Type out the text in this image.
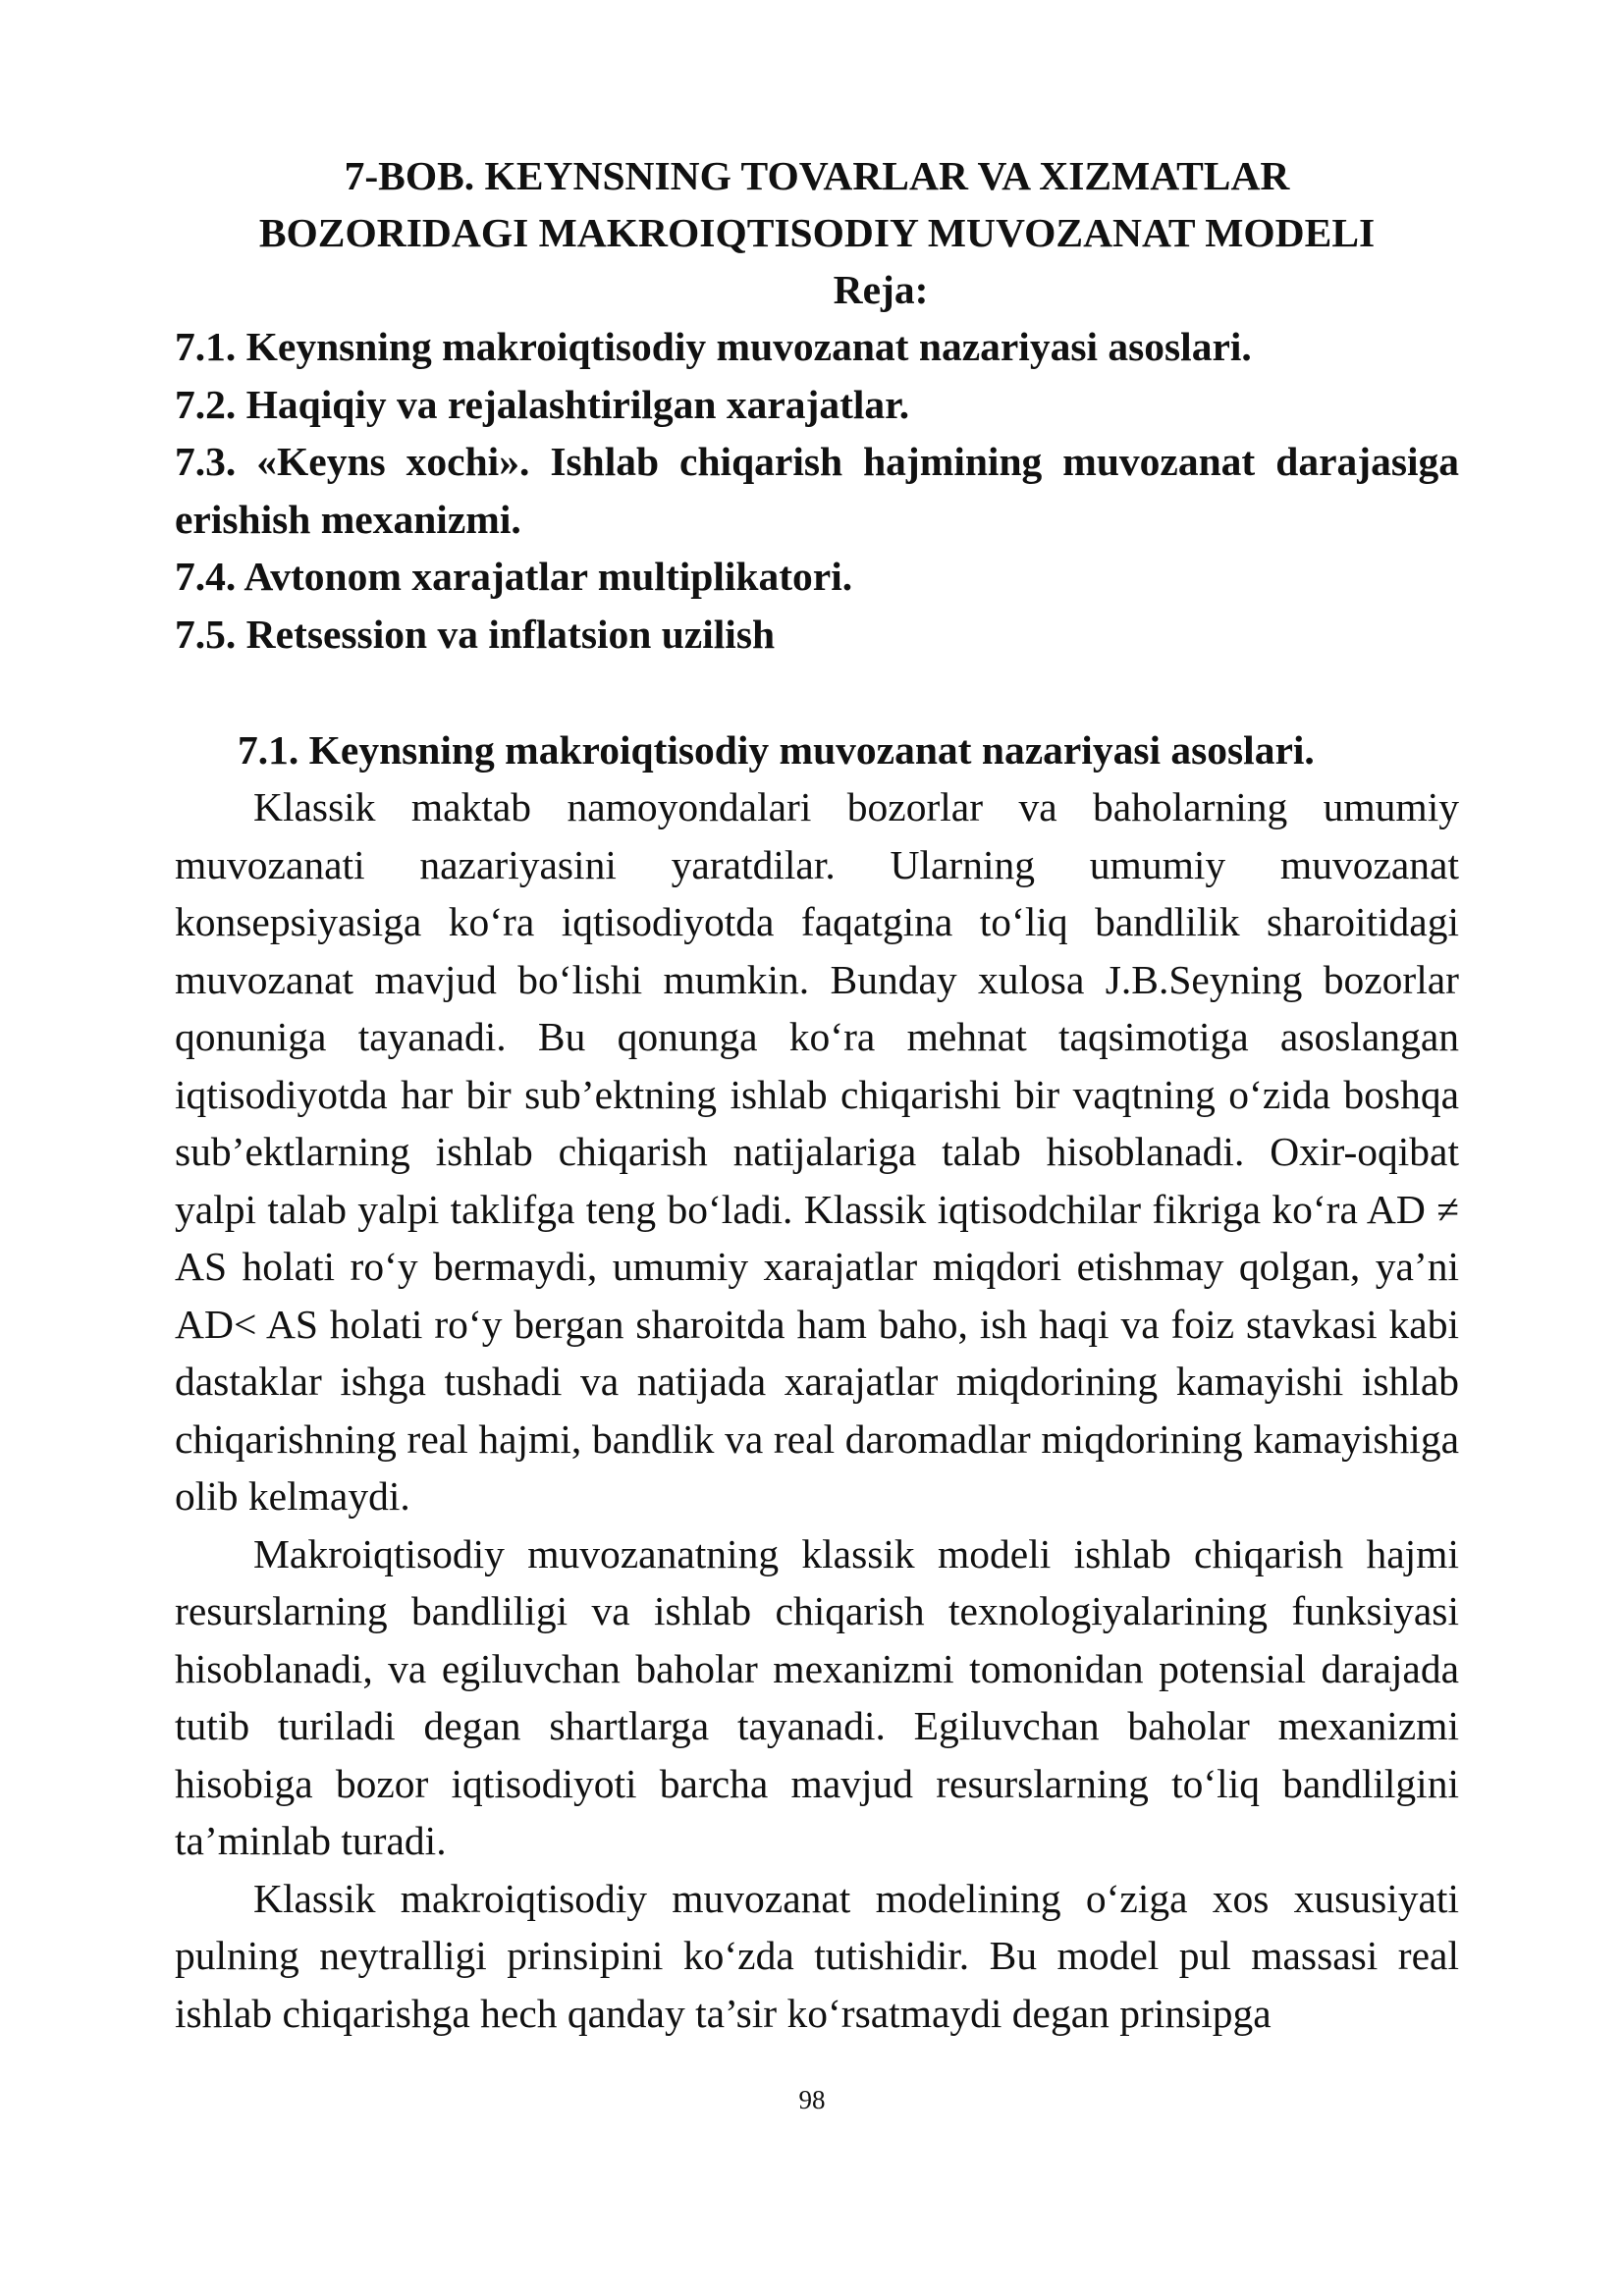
7-BOB. KEYNSNING TOVARLAR VA XIZMATLAR
BOZORIDAGI MAKROIQTISODIY MUVOZANAT MODELI
Reja:
7.1. Keynsning makroiqtisodiy muvozanat nazariyasi asoslari.
7.2. Haqiqiy va rejalashtirilgan xarajatlar.
7.3. «Keyns xochi». Ishlab chiqarish hajmining muvozanat darajasiga erishish mexanizmi.
7.4. Avtonom xarajatlar multiplikatori.
7.5. Retsession va inflatsion uzilish
7.1. Keynsning makroiqtisodiy muvozanat nazariyasi asoslari.

Klassik maktab namoyondalari bozorlar va baholarning umumiy muvozanati nazariyasini yaratdilar. Ularning umumiy muvozanat konsepsiyasiga ko‘ra iqtisodiyotda faqatgina to‘liq bandlilik sharoitidagi muvozanat mavjud bo‘lishi mumkin. Bunday xulosa J.B.Seyning bozorlar qonuniga tayanadi. Bu qonunga ko‘ra mehnat taqsimotiga asoslangan iqtisodiyotda har bir sub’ektning ishlab chiqarishi bir vaqtning o‘zida boshqa sub’ektlarning ishlab chiqarish natijalariga talab hisoblanadi. Oxir-oqibat yalpi talab yalpi taklifga teng bo‘ladi. Klassik iqtisodchilar fikriga ko‘ra AD ≠ AS holati ro‘y bermaydi, umumiy xarajatlar miqdori etishmay qolgan, ya’ni AD< AS holati ro‘y bergan sharoitda ham baho, ish haqi va foiz stavkasi kabi dastaklar ishga tushadi va natijada xarajatlar miqdorining kamayishi ishlab chiqarishning real hajmi, bandlik va real daromadlar miqdorining kamayishiga olib kelmaydi.

Makroiqtisodiy muvozanatning klassik modeli ishlab chiqarish hajmi resurslarning bandliligi va ishlab chiqarish texnologiyalarining funksiyasi hisoblanadi, va egiluvchan baholar mexanizmi tomonidan potensial darajada tutib turiladi degan shartlarga tayanadi. Egiluvchan baholar mexanizmi hisobiga bozor iqtisodiyoti barcha mavjud resurslarning to‘liq bandlilgini ta’minlab turadi.

Klassik makroiqtisodiy muvozanat modelining o‘ziga xos xususiyati pulning neytralligi prinsipini ko‘zda tutishidir. Bu model pul massasi real ishlab chiqarishga hech qanday ta’sir ko‘rsatmaydi degan prinsipga

98
